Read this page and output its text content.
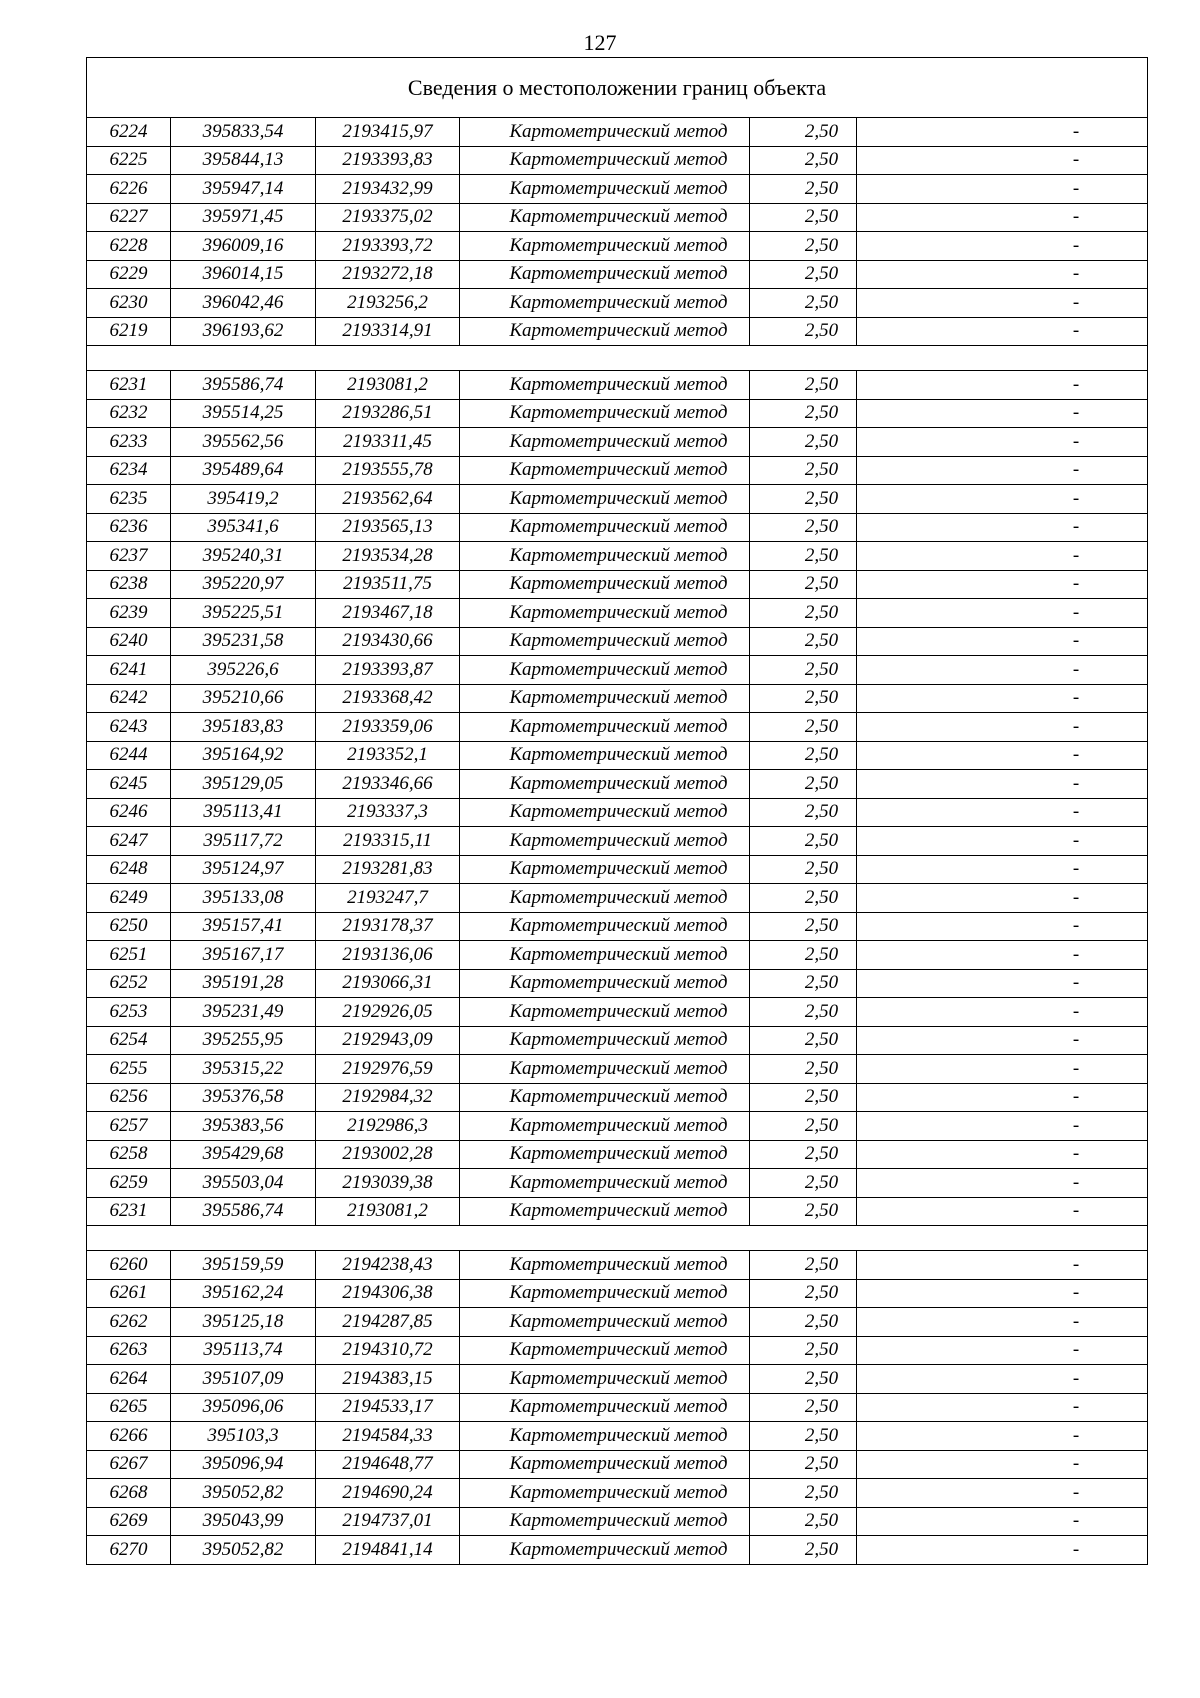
127
Сведения о местоположении границ объекта					
6224	395833,54	2193415,97	Картометрический метод	2,50	-
6225	395844,13	2193393,83	Картометрический метод	2,50	-
6226	395947,14	2193432,99	Картометрический метод	2,50	-
6227	395971,45	2193375,02	Картометрический метод	2,50	-
6228	396009,16	2193393,72	Картометрический метод	2,50	-
6229	396014,15	2193272,18	Картометрический метод	2,50	-
6230	396042,46	2193256,2	Картометрический метод	2,50	-
6219	396193,62	2193314,91	Картометрический метод	2,50	-

6231	395586,74	2193081,2	Картометрический метод	2,50	-
6232	395514,25	2193286,51	Картометрический метод	2,50	-
6233	395562,56	2193311,45	Картометрический метод	2,50	-
6234	395489,64	2193555,78	Картометрический метод	2,50	-
6235	395419,2	2193562,64	Картометрический метод	2,50	-
6236	395341,6	2193565,13	Картометрический метод	2,50	-
6237	395240,31	2193534,28	Картометрический метод	2,50	-
6238	395220,97	2193511,75	Картометрический метод	2,50	-
6239	395225,51	2193467,18	Картометрический метод	2,50	-
6240	395231,58	2193430,66	Картометрический метод	2,50	-
6241	395226,6	2193393,87	Картометрический метод	2,50	-
6242	395210,66	2193368,42	Картометрический метод	2,50	-
6243	395183,83	2193359,06	Картометрический метод	2,50	-
6244	395164,92	2193352,1	Картометрический метод	2,50	-
6245	395129,05	2193346,66	Картометрический метод	2,50	-
6246	395113,41	2193337,3	Картометрический метод	2,50	-
6247	395117,72	2193315,11	Картометрический метод	2,50	-
6248	395124,97	2193281,83	Картометрический метод	2,50	-
6249	395133,08	2193247,7	Картометрический метод	2,50	-
6250	395157,41	2193178,37	Картометрический метод	2,50	-
6251	395167,17	2193136,06	Картометрический метод	2,50	-
6252	395191,28	2193066,31	Картометрический метод	2,50	-
6253	395231,49	2192926,05	Картометрический метод	2,50	-
6254	395255,95	2192943,09	Картометрический метод	2,50	-
6255	395315,22	2192976,59	Картометрический метод	2,50	-
6256	395376,58	2192984,32	Картометрический метод	2,50	-
6257	395383,56	2192986,3	Картометрический метод	2,50	-
6258	395429,68	2193002,28	Картометрический метод	2,50	-
6259	395503,04	2193039,38	Картометрический метод	2,50	-
6231	395586,74	2193081,2	Картометрический метод	2,50	-

6260	395159,59	2194238,43	Картометрический метод	2,50	-
6261	395162,24	2194306,38	Картометрический метод	2,50	-
6262	395125,18	2194287,85	Картометрический метод	2,50	-
6263	395113,74	2194310,72	Картометрический метод	2,50	-
6264	395107,09	2194383,15	Картометрический метод	2,50	-
6265	395096,06	2194533,17	Картометрический метод	2,50	-
6266	395103,3	2194584,33	Картометрический метод	2,50	-
6267	395096,94	2194648,77	Картометрический метод	2,50	-
6268	395052,82	2194690,24	Картометрический метод	2,50	-
6269	395043,99	2194737,01	Картометрический метод	2,50	-
6270	395052,82	2194841,14	Картометрический метод	2,50	-
